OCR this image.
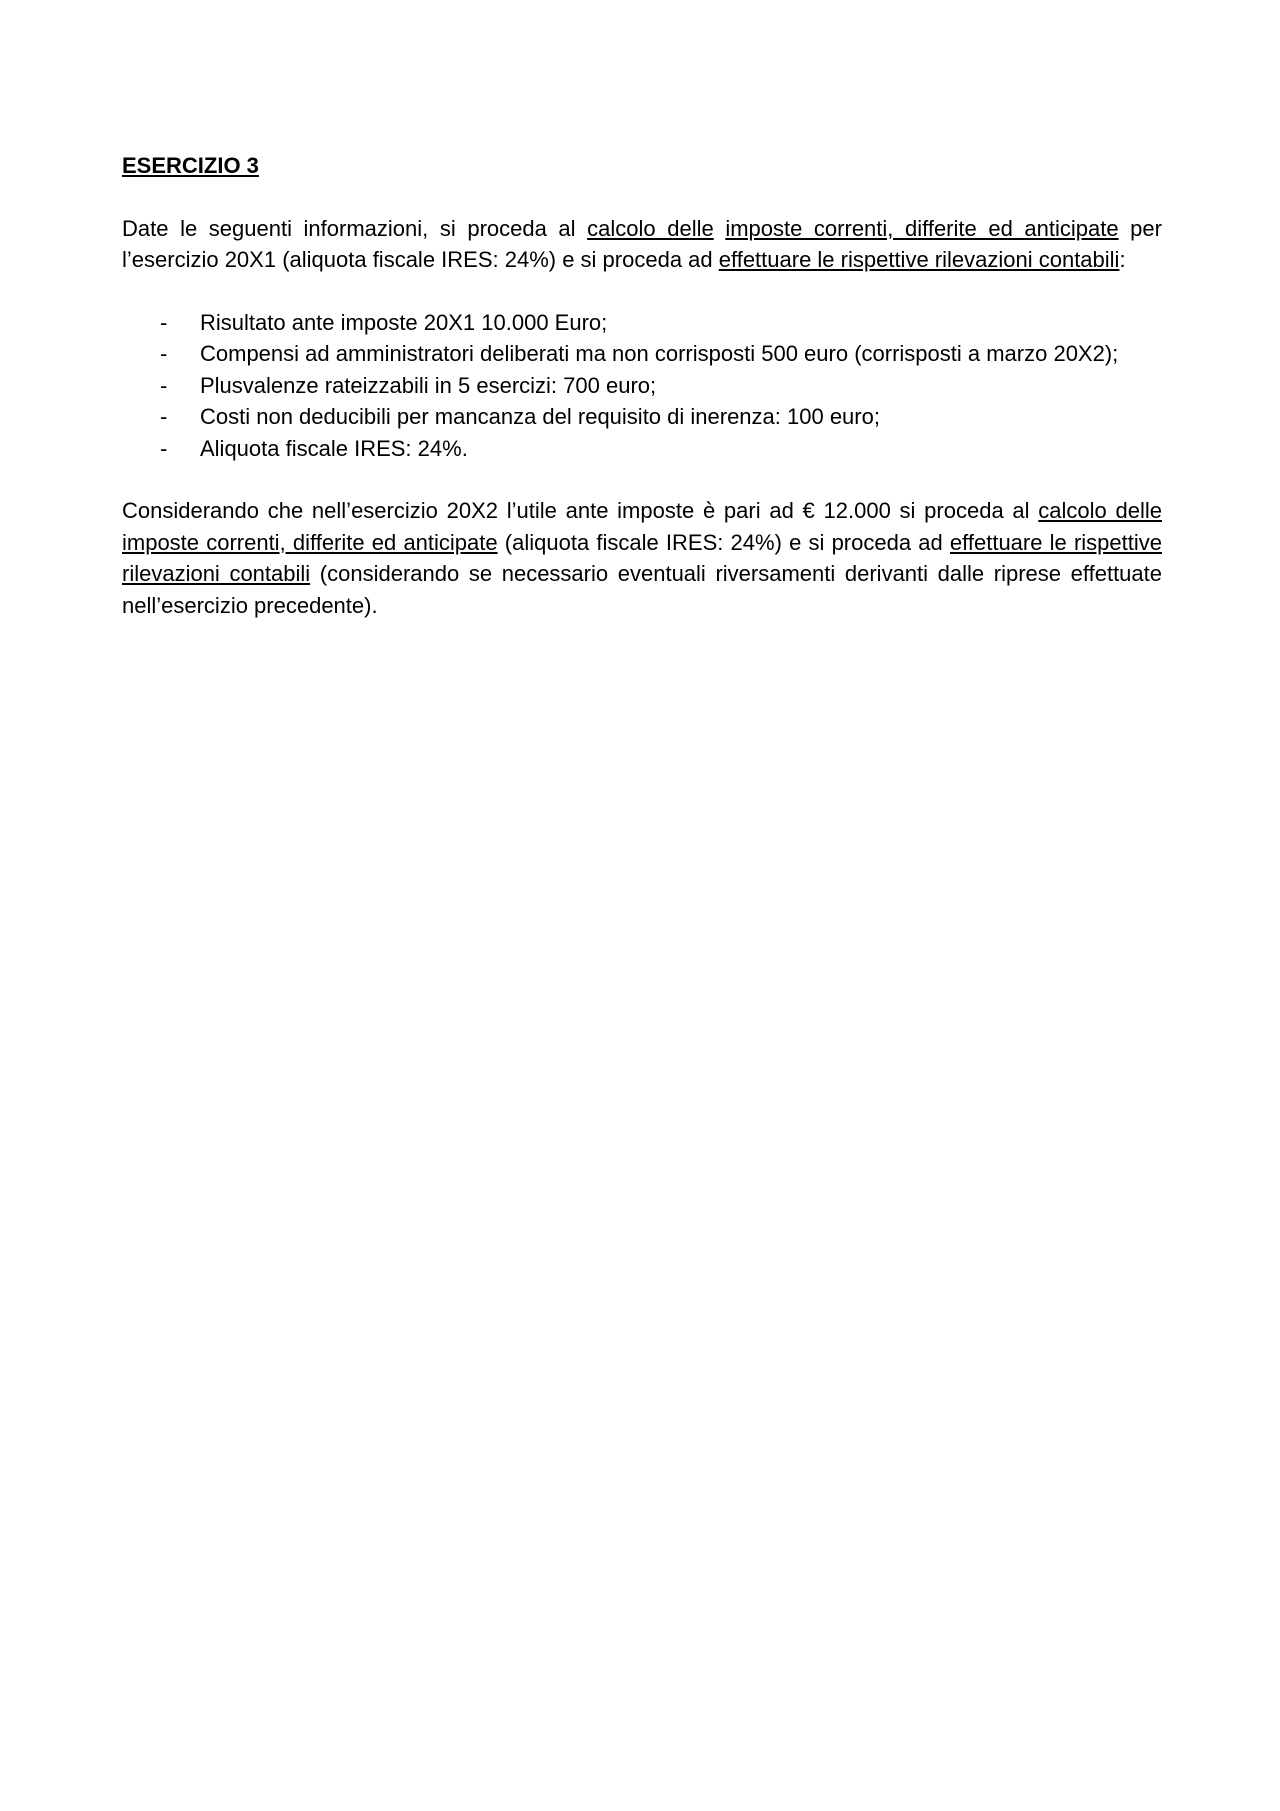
ESERCIZIO 3

Date le seguenti informazioni, si proceda al calcolo delle imposte correnti, differite ed anticipate per l’esercizio 20X1 (aliquota fiscale IRES: 24%) e si proceda ad effettuare le rispettive rilevazioni contabili:

- Risultato ante imposte 20X1 10.000 Euro;
- Compensi ad amministratori deliberati ma non corrisposti 500 euro (corrisposti a marzo 20X2);
- Plusvalenze rateizzabili in 5 esercizi: 700 euro;
- Costi non deducibili per mancanza del requisito di inerenza: 100 euro;
- Aliquota fiscale IRES: 24%.

Considerando che nell’esercizio 20X2 l’utile ante imposte è pari ad € 12.000 si proceda al calcolo delle imposte correnti, differite ed anticipate (aliquota fiscale IRES: 24%) e si proceda ad effettuare le rispettive rilevazioni contabili (considerando se necessario eventuali riversamenti derivanti dalle riprese effettuate nell’esercizio precedente).
